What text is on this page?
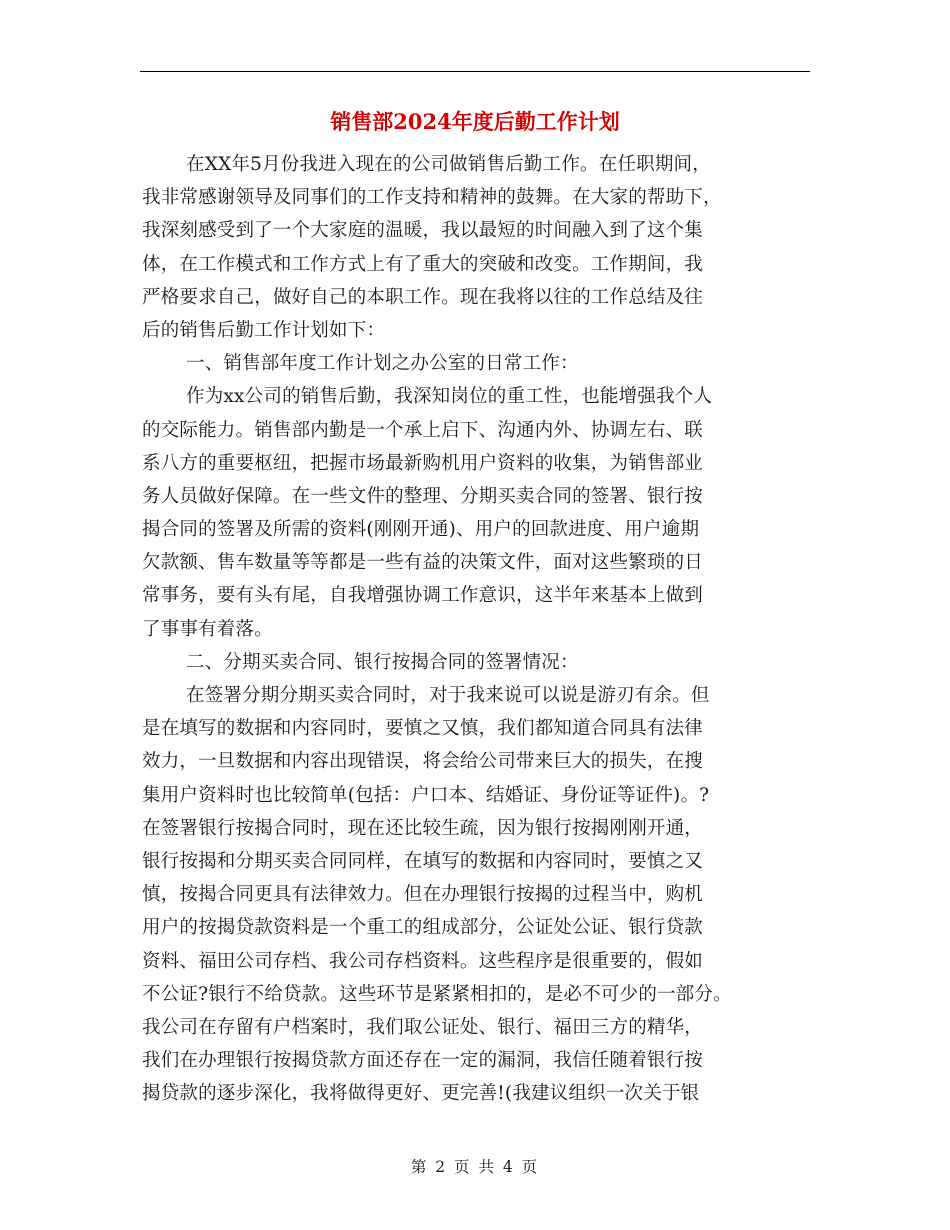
销售部2024年度后勤工作计划
在XX年5月份我进入现在的公司做销售后勤工作。在任职期间，
我非常感谢领导及同事们的工作支持和精神的鼓舞。在大家的帮助下，
我深刻感受到了一个大家庭的温暖，我以最短的时间融入到了这个集
体，在工作模式和工作方式上有了重大的突破和改变。工作期间，我
严格要求自己，做好自己的本职工作。现在我将以往的工作总结及往
后的销售后勤工作计划如下：
一、销售部年度工作计划之办公室的日常工作：
作为xx公司的销售后勤，我深知岗位的重工性，也能增强我个人
的交际能力。销售部内勤是一个承上启下、沟通内外、协调左右、联
系八方的重要枢纽，把握市场最新购机用户资料的收集，为销售部业
务人员做好保障。在一些文件的整理、分期买卖合同的签署、银行按
揭合同的签署及所需的资料(刚刚开通)、用户的回款进度、用户逾期
欠款额、售车数量等等都是一些有益的决策文件，面对这些繁琐的日
常事务，要有头有尾，自我增强协调工作意识，这半年来基本上做到
了事事有着落。
二、分期买卖合同、银行按揭合同的签署情况：
在签署分期分期买卖合同时，对于我来说可以说是游刃有余。但
是在填写的数据和内容同时，要慎之又慎，我们都知道合同具有法律
效力，一旦数据和内容出现错误，将会给公司带来巨大的损失，在搜
集用户资料时也比较简单(包括：户口本、结婚证、身份证等证件)。?
在签署银行按揭合同时，现在还比较生疏，因为银行按揭刚刚开通，
银行按揭和分期买卖合同同样，在填写的数据和内容同时，要慎之又
慎，按揭合同更具有法律效力。但在办理银行按揭的过程当中，购机
用户的按揭贷款资料是一个重工的组成部分，公证处公证、银行贷款
资料、福田公司存档、我公司存档资料。这些程序是很重要的，假如
不公证?银行不给贷款。这些环节是紧紧相扣的，是必不可少的一部分。
我公司在存留有户档案时，我们取公证处、银行、福田三方的精华，
我们在办理银行按揭贷款方面还存在一定的漏洞，我信任随着银行按
揭贷款的逐步深化，我将做得更好、更完善!(我建议组织一次关于银
第 2 页 共 4 页
